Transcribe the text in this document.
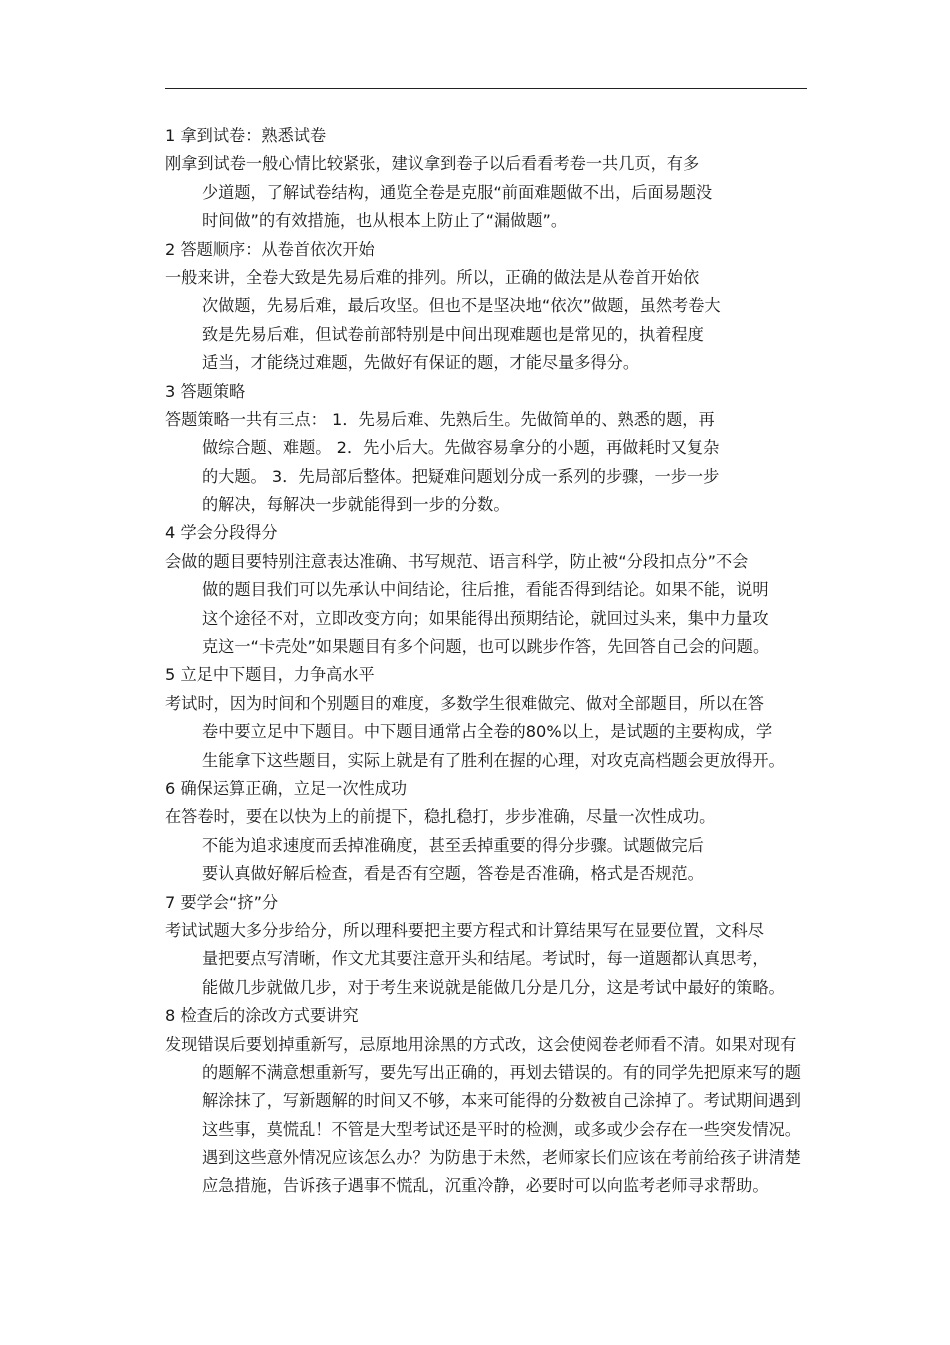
1 拿到试卷：熟悉试卷
刚拿到试卷一般心情比较紧张，建议拿到卷子以后看看考卷一共几页，有多
少道题，了解试卷结构，通览全卷是克服“前面难题做不出，后面易题没
时间做”的有效措施，也从根本上防止了“漏做题”。
2 答题顺序：从卷首依次开始
一般来讲，全卷大致是先易后难的排列。所以，正确的做法是从卷首开始依
次做题，先易后难，最后攻坚。但也不是坚决地“依次”做题，虽然考卷大
致是先易后难，但试卷前部特别是中间出现难题也是常见的，执着程度
适当，才能绕过难题，先做好有保证的题，才能尽量多得分。
3 答题策略
答题策略一共有三点： 1．先易后难、先熟后生。先做简单的、熟悉的题，再
做综合题、难题。 2．先小后大。先做容易拿分的小题，再做耗时又复杂
的大题。 3．先局部后整体。把疑难问题划分成一系列的步骤，一步一步
的解决，每解决一步就能得到一步的分数。
4 学会分段得分
会做的题目要特别注意表达准确、书写规范、语言科学，防止被“分段扣点分”不会
做的题目我们可以先承认中间结论，往后推，看能否得到结论。如果不能，说明
这个途径不对，立即改变方向；如果能得出预期结论，就回过头来，集中力量攻
克这一“卡壳处”如果题目有多个问题，也可以跳步作答，先回答自己会的问题。
5 立足中下题目，力争高水平
考试时，因为时间和个别题目的难度，多数学生很难做完、做对全部题目，所以在答
卷中要立足中下题目。中下题目通常占全卷的80%以上，是试题的主要构成，学
生能拿下这些题目，实际上就是有了胜利在握的心理，对攻克高档题会更放得开。
6 确保运算正确，立足一次性成功
在答卷时，要在以快为上的前提下，稳扎稳打，步步准确，尽量一次性成功。
不能为追求速度而丢掉准确度，甚至丢掉重要的得分步骤。试题做完后
要认真做好解后检查，看是否有空题，答卷是否准确，格式是否规范。
7 要学会“挤”分
考试试题大多分步给分，所以理科要把主要方程式和计算结果写在显要位置，文科尽
量把要点写清晰，作文尤其要注意开头和结尾。考试时，每一道题都认真思考，
能做几步就做几步，对于考生来说就是能做几分是几分，这是考试中最好的策略。
8 检查后的涂改方式要讲究
发现错误后要划掉重新写，忌原地用涂黑的方式改，这会使阅卷老师看不清。如果对现有
的题解不满意想重新写，要先写出正确的，再划去错误的。有的同学先把原来写的题
解涂抹了，写新题解的时间又不够，本来可能得的分数被自己涂掉了。考试期间遇到
这些事，莫慌乱！不管是大型考试还是平时的检测，或多或少会存在一些突发情况。
遇到这些意外情况应该怎么办？为防患于未然，老师家长们应该在考前给孩子讲清楚
应急措施，告诉孩子遇事不慌乱，沉重冷静，必要时可以向监考老师寻求帮助。
